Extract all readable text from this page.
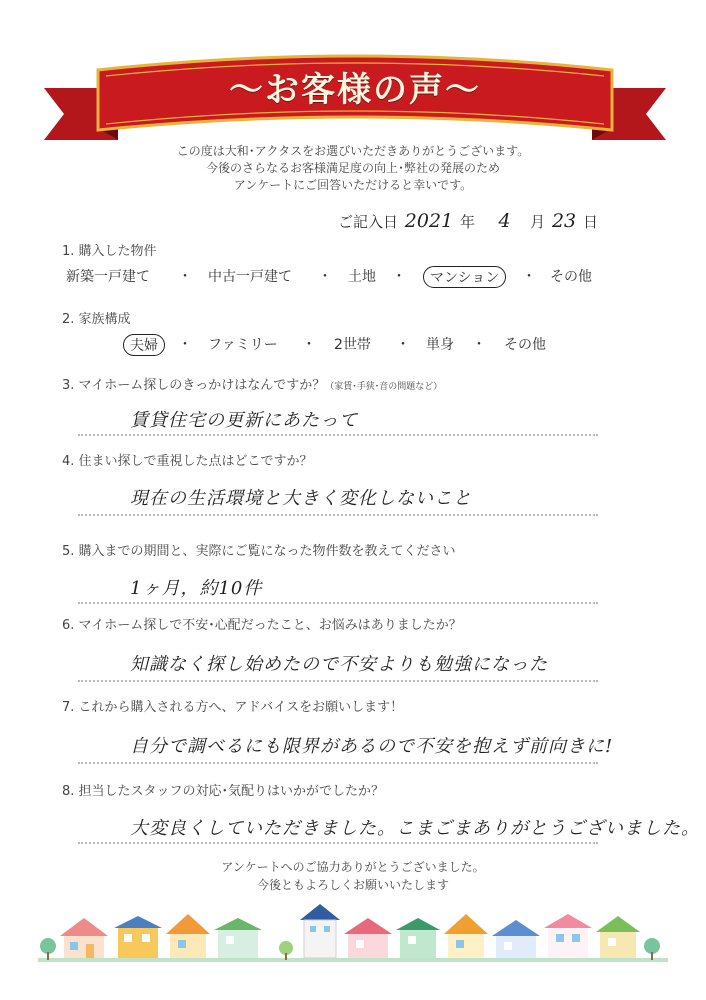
～お客様の声～
この度は大和･アクタスをお選びいただきありがとうございます。
今後のさらなるお客様満足度の向上･弊社の発展のため
アンケートにご回答いただけると幸いです。
ご記入日 2021 年 4 月 23 日
1. 購入した物件
新築一戸建て ・ 中古一戸建て ・ 土地 ・	マンション	・ その他
2. 家族構成
夫婦	・ ファミリー ・ 2世帯 ・ 単身 ・ その他
3. マイホーム探しのきっかけはなんですか？（家賃･手狭･音の問題など）
賃貸住宅の更新にあたって
4. 住まい探しで重視した点はどこですか？
現在の生活環境と大きく変化しないこと
5. 購入までの期間と、実際にご覧になった物件数を教えてください
1ヶ月，約10件
6. マイホーム探しで不安･心配だったこと、お悩みはありましたか？
知識なく探し始めたので不安よりも勉強になった
7. これから購入される方へ、アドバイスをお願いします！
自分で調べるにも限界があるので不安を抱えず前向きに!
8. 担当したスタッフの対応･気配りはいかがでしたか？
大変良くしていただきました。こまごまありがとうございました。
アンケートへのご協力ありがとうございました。
今後ともよろしくお願いいたします
